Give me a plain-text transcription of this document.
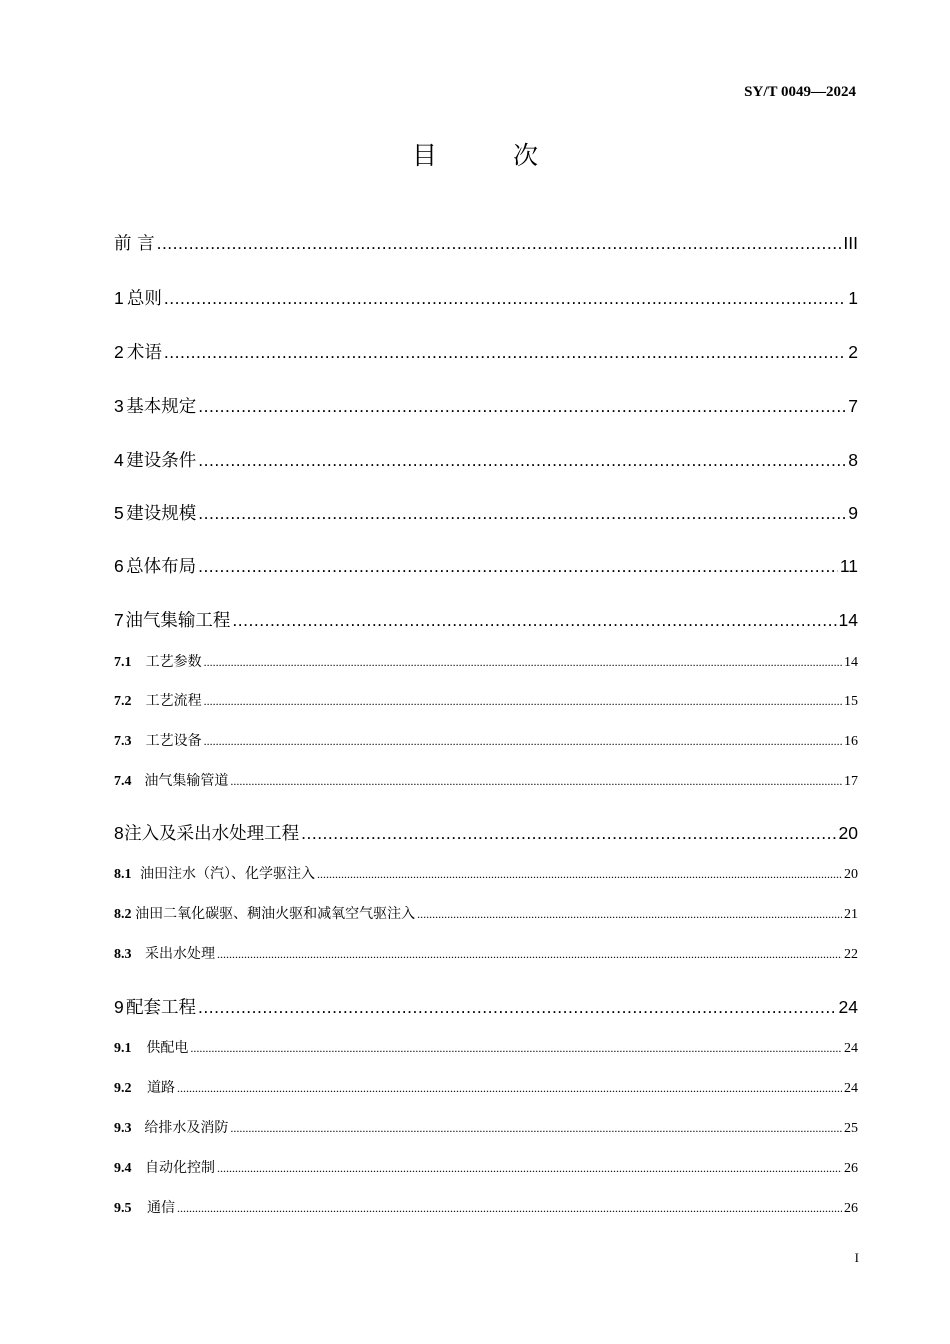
SY/T 0049—2024
目 次
前 言 .....	III
1 总则 .....	1
2 术语 .....	2
3 基本规定 .....	7
4 建设条件 .....	8
5 建设规模 .....	9
6 总体布局 .....	11
7 油气集输工程 .....	14
7.1	工艺参数 .....	14
7.2	工艺流程 .....	15
7.3	工艺设备 .....	16
7.4 油气集输管道 .....	17
8 注入及采出水处理工程 .....	20
8.1 油田注水（汽）、化学驱注入 .....	20
8.2 油田二氧化碳驱、稠油火驱和减氧空气驱注入 .....	21
8.3 采出水处理 .....	22
9 配套工程 .....	24
9.1	供配电 .....	24
9.2	道路 .....	24
9.3 给排水及消防 .....	25
9.4 自动化控制 .....	26
9.5	通信 .....	26
I
